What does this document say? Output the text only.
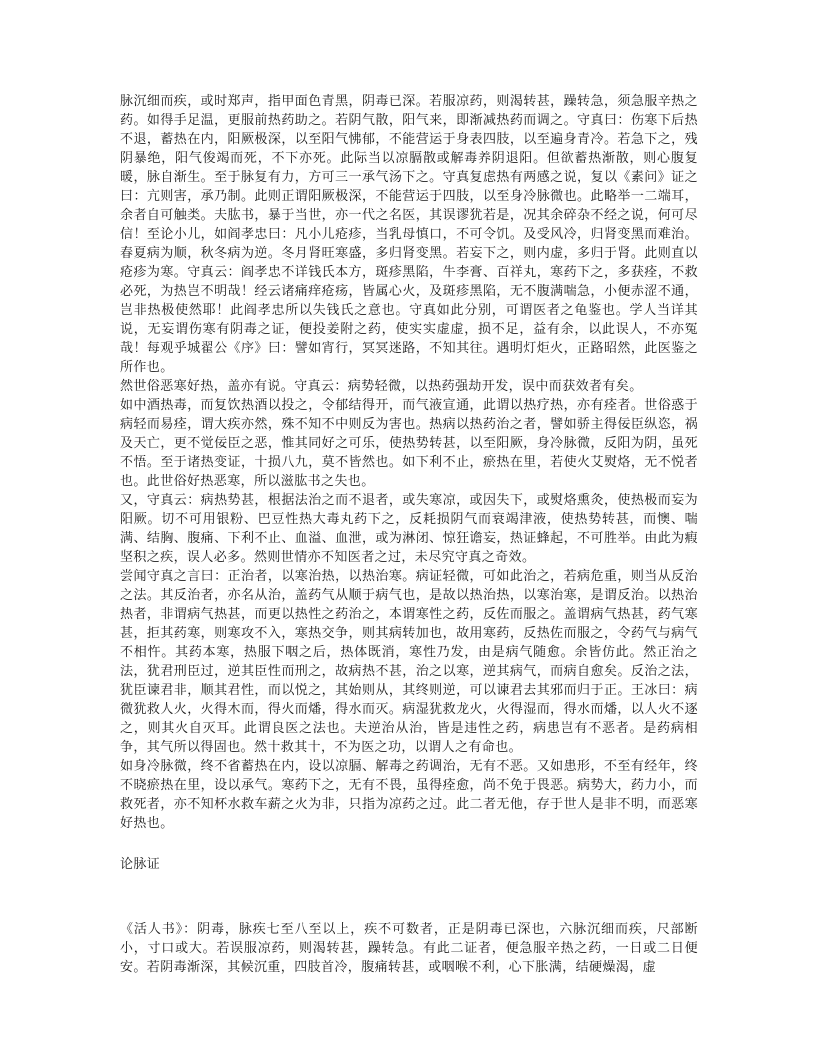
脉沉细而疾，或时郑声，指甲面色青黑，阴毒已深。若服凉药，则渴转甚，躁转急，须急服辛热之药。如得手足温，更服前热药助之。若阴气散，阳气来，即渐减热药而调之。守真曰：伤寒下后热不退，蓄热在内，阳厥极深，以至阳气怫郁，不能营运于身表四肢，以至遍身青冷。若急下之，残阴暴绝，阳气俊竭而死，不下亦死。此际当以凉膈散或解毒养阴退阳。但欲蓄热渐散，则心腹复暖，脉自渐生。至于脉复有力，方可三一承气汤下之。守真复虑热有两感之说，复以《素问》证之曰：亢则害，承乃制。此则正谓阳厥极深，不能营运于四肢，以至身冷脉微也。此略举一二端耳，余者自可触类。夫肱书，暴于当世，亦一代之名医，其误谬犹若是，况其余碎杂不经之说，何可尽信！至论小儿，如阎孝忠曰：凡小儿疮疹，当乳母慎口，不可令饥。及受风冷，归肾变黑而难治。春夏病为顺，秋冬病为逆。冬月肾旺寒盛，多归肾变黑。若妄下之，则内虚，多归于肾。此则直以疮疹为寒。守真云：阎孝忠不详钱氏本方，斑疹黑陷，牛李膏、百祥丸，寒药下之，多获痊，不救必死，为热岂不明哉！经云诸痛痒疮疡，皆属心火，及斑疹黑陷，无不腹满喘急，小便赤涩不通，岂非热极使然耶！此阎孝忠所以失钱氏之意也。守真如此分别，可谓医者之龟鉴也。学人当详其说，无妄谓伤寒有阴毒之证，便投姜附之药，使实实虚虚，损不足，益有余，以此误人，不亦冤哉！每观乎城翟公《序》曰：譬如宵行，冥冥迷路，不知其往。遇明灯炬火，正路昭然，此医鉴之所作也。

然世俗恶寒好热，盖亦有说。守真云：病势轻微，以热药强劫开发，误中而获效者有矣。

如中酒热毒，而复饮热酒以投之，令郁结得开，而气液宣通，此谓以热疗热，亦有痊者。世俗惑于病轻而易痊，谓大疾亦然，殊不知不中则反为害也。热病以热药治之者，譬如骄主得佞臣纵恣，祸及天亡，更不觉佞臣之恶，惟其同好之可乐，使热势转甚，以至阳厥，身冷脉微，反阳为阴，虽死不悟。至于诸热变证，十损八九，莫不皆然也。如下利不止，瘀热在里，若使火艾熨烙，无不悦者也。此世俗好热恶寒，所以滋肱书之失也。

又，守真云：病热势甚，根据法治之而不退者，或失寒凉，或因失下，或熨烙熏灸，使热极而妄为阳厥。切不可用银粉、巴豆性热大毒丸药下之，反耗损阴气而衰竭津液，使热势转甚，而懊、喘满、结胸、腹痛、下利不止、血溢、血泄，或为淋闭、惊狂谵妄，热证蜂起，不可胜举。由此为瘕坚积之疾，误人必多。然则世情亦不知医者之过，未尽究守真之奇效。

尝闻守真之言曰：正治者，以寒治热，以热治寒。病证轻微，可如此治之，若病危重，则当从反治之法。其反治者，亦名从治，盖药气从顺于病气也，是故以热治热，以寒治寒，是谓反治。以热治热者，非谓病气热甚，而更以热性之药治之，本谓寒性之药，反佐而服之。盖谓病气热甚，药气寒甚，拒其药寒，则寒攻不入，寒热交争，则其病转加也，故用寒药，反热佐而服之，令药气与病气不相忤。其药本寒，热服下咽之后，热体既消，寒性乃发，由是病气随愈。余皆仿此。然正治之法，犹君刑臣过，逆其臣性而刑之，故病热不甚，治之以寒，逆其病气，而病自愈矣。反治之法，犹臣谏君非，顺其君性，而以悦之，其始则从，其终则逆，可以谏君去其邪而归于正。王冰曰：病微犹救人火，火得木而，得火而燔，得水而灭。病湿犹救龙火，火得湿而，得水而燔，以人火不逐之，则其火自灭耳。此谓良医之法也。夫逆治从治，皆是违性之药，病患岂有不恶者。是药病相争，其气所以得固也。然十救其十，不为医之功，以谓人之有命也。

如身冷脉微，终不省蓄热在内，设以凉膈、解毒之药调治，无有不恶。又如患形，不至有经年，终不晓瘀热在里，设以承气。寒药下之，无有不畏，虽得痊愈，尚不免于畏恶。病势大，药力小，而救死者，亦不知杯水救车薪之火为非，只指为凉药之过。此二者无他，存于世人是非不明，而恶寒好热也。

论脉证

《活人书》：阴毒，脉疾七至八至以上，疾不可数者，正是阴毒已深也，六脉沉细而疾，尺部断小，寸口或大。若误服凉药，则渴转甚，躁转急。有此二证者，便急服辛热之药，一日或二日便安。若阴毒渐深，其候沉重，四肢首冷，腹痛转甚，或咽喉不利，心下胀满，结硬燥渴，虚
